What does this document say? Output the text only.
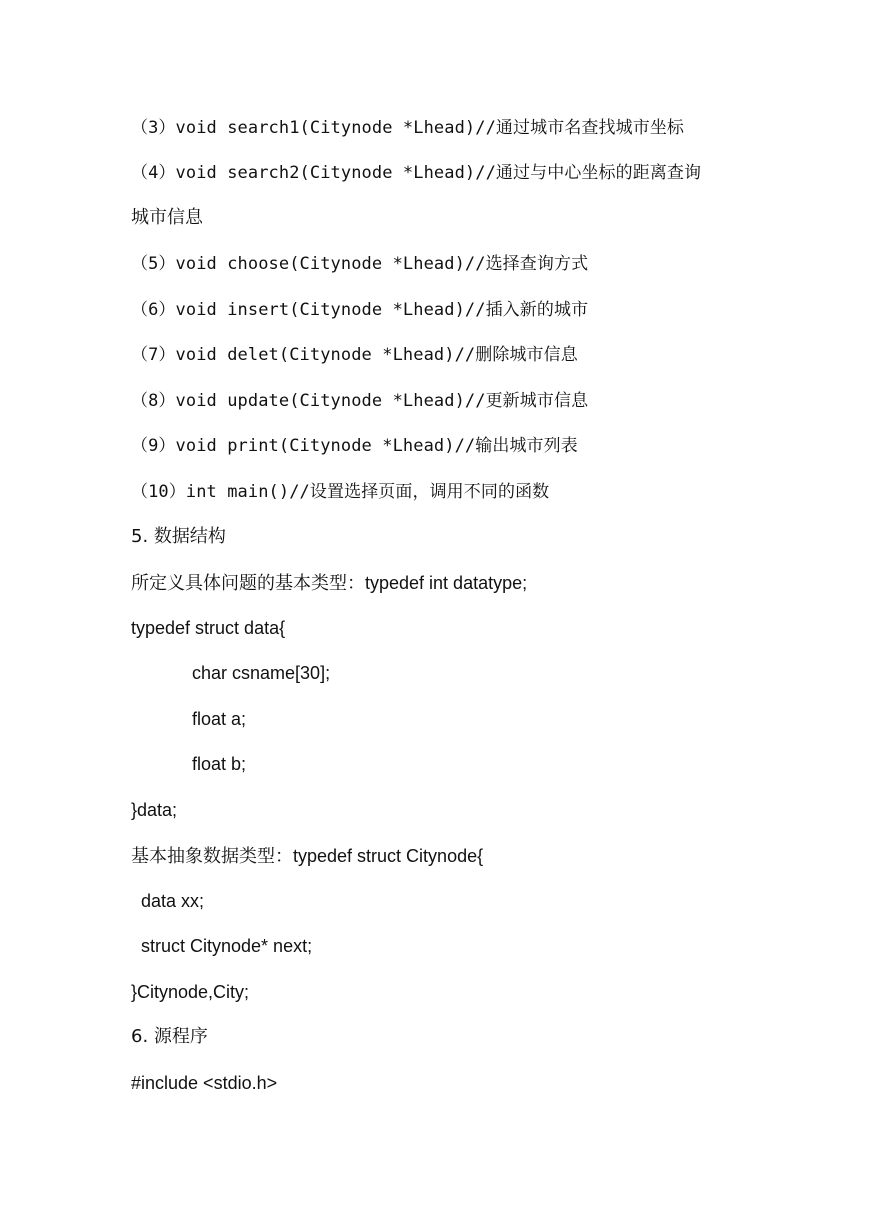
（3）void search1(Citynode *Lhead)//通过城市名查找城市坐标
（4）void search2(Citynode *Lhead)//通过与中心坐标的距离查询
城市信息
（5）void choose(Citynode *Lhead)//选择查询方式
（6）void insert(Citynode *Lhead)//插入新的城市
（7）void delet(Citynode *Lhead)//删除城市信息
（8）void update(Citynode *Lhead)//更新城市信息
（9）void print(Citynode *Lhead)//输出城市列表
（10）int main()//设置选择页面，调用不同的函数
5. 数据结构
所定义具体问题的基本类型：typedef int datatype;
typedef struct data{
char csname[30];
float a;
float b;
}data;
基本抽象数据类型：typedef struct Citynode{
data xx;
struct Citynode* next;
}Citynode,City;
6. 源程序
#include <stdio.h>
